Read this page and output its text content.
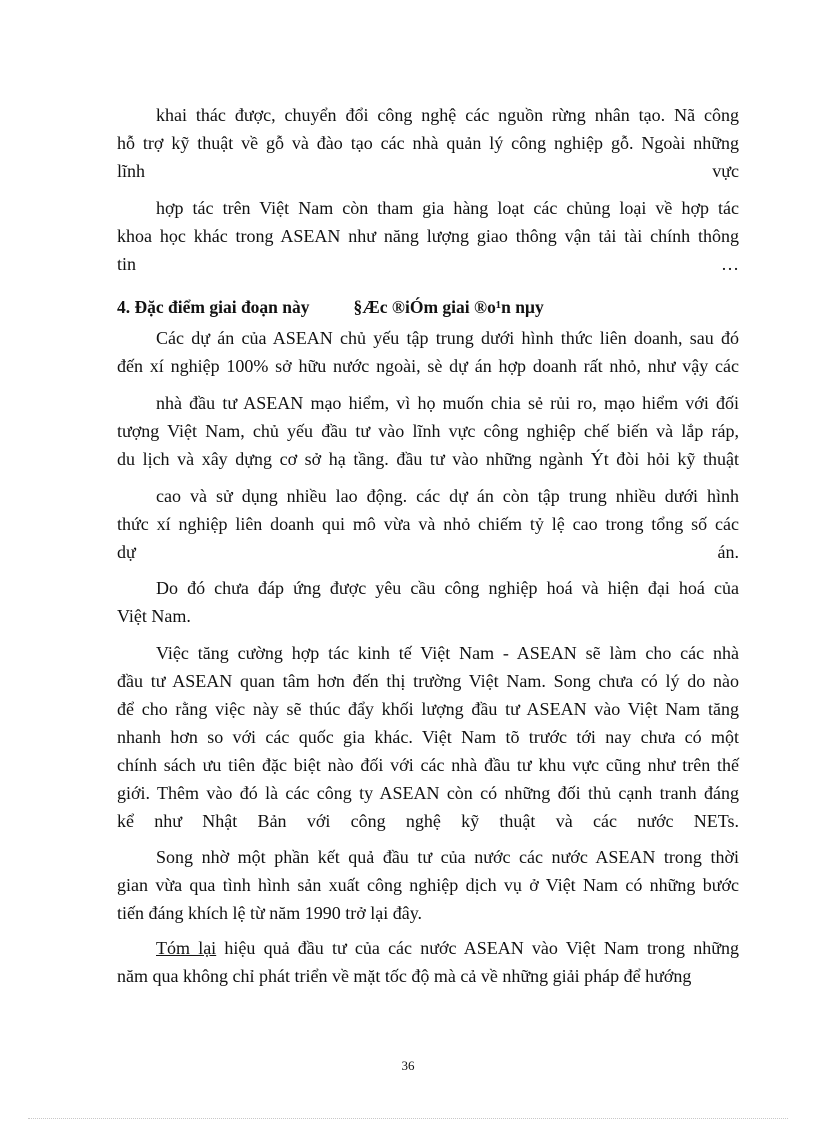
khai thác được, chuyển đổi công nghệ các nguồn rừng nhân tạo. Nã công
hỗ trợ kỹ thuật về gỗ và đào tạo các nhà quản lý công nghiệp gỗ. Ngoài những
lĩnh	vực
hợp tác trên Việt Nam còn tham gia hàng loạt các chủng loại về hợp tác
khoa học khác trong ASEAN như năng lượng giao thông vận tải tài chính thông
tin	…
4. Đặc điểm giai đoạn này	§Æc ®iÓm giai ®o¹n nµy
Các dự án của ASEAN chủ yếu tập trung dưới hình thức liên doanh, sau đó
đến xí nghiệp 100% sở hữu nước ngoài, sè dự án hợp doanh rất nhỏ, như vậy các
nhà đầu tư ASEAN mạo hiểm, vì họ muốn chia sẻ rủi ro, mạo hiểm với đối
tượng Việt Nam, chủ yếu đầu tư vào lĩnh vực công nghiệp chế biến và lắp ráp,
du lịch và xây dựng cơ sở hạ tầng. đầu tư vào những ngành Ýt đòi hỏi kỹ thuật
cao và sử dụng nhiều lao động. các dự án còn tập trung nhiều dưới hình
thức xí nghiệp liên doanh qui mô vừa và nhỏ chiếm tỷ lệ cao trong tổng số các
dự	án.
Do đó chưa đáp ứng được yêu cầu công nghiệp hoá và hiện đại hoá của
Việt Nam.
Việc tăng cường hợp tác kinh tế Việt Nam - ASEAN sẽ làm cho các nhà
đầu tư ASEAN quan tâm hơn đến thị trường Việt Nam. Song chưa có lý do nào
để cho rằng việc này sẽ thúc đẩy khối lượng đầu tư ASEAN vào Việt Nam tăng
nhanh hơn so với các quốc gia khác. Việt Nam tõ trước tới nay chưa có một
chính sách ưu tiên đặc biệt nào đối với các nhà đầu tư khu vực cũng như trên thế
giới. Thêm vào đó là các công ty ASEAN còn có những đối thủ cạnh tranh đáng
kể như Nhật Bản với công nghệ kỹ thuật và các nước NETs.
Song nhờ một phần kết quả đầu tư của nước các nước ASEAN trong thời
gian vừa qua tình hình sản xuất công nghiệp dịch vụ ở Việt Nam có những bước
tiến đáng khích lệ từ năm 1990 trở lại đây.
Tóm lại hiệu quả đầu tư của các nước ASEAN vào Việt Nam trong những
năm qua không chỉ phát triển về mặt tốc độ mà cả về những giải pháp để hướng
36
